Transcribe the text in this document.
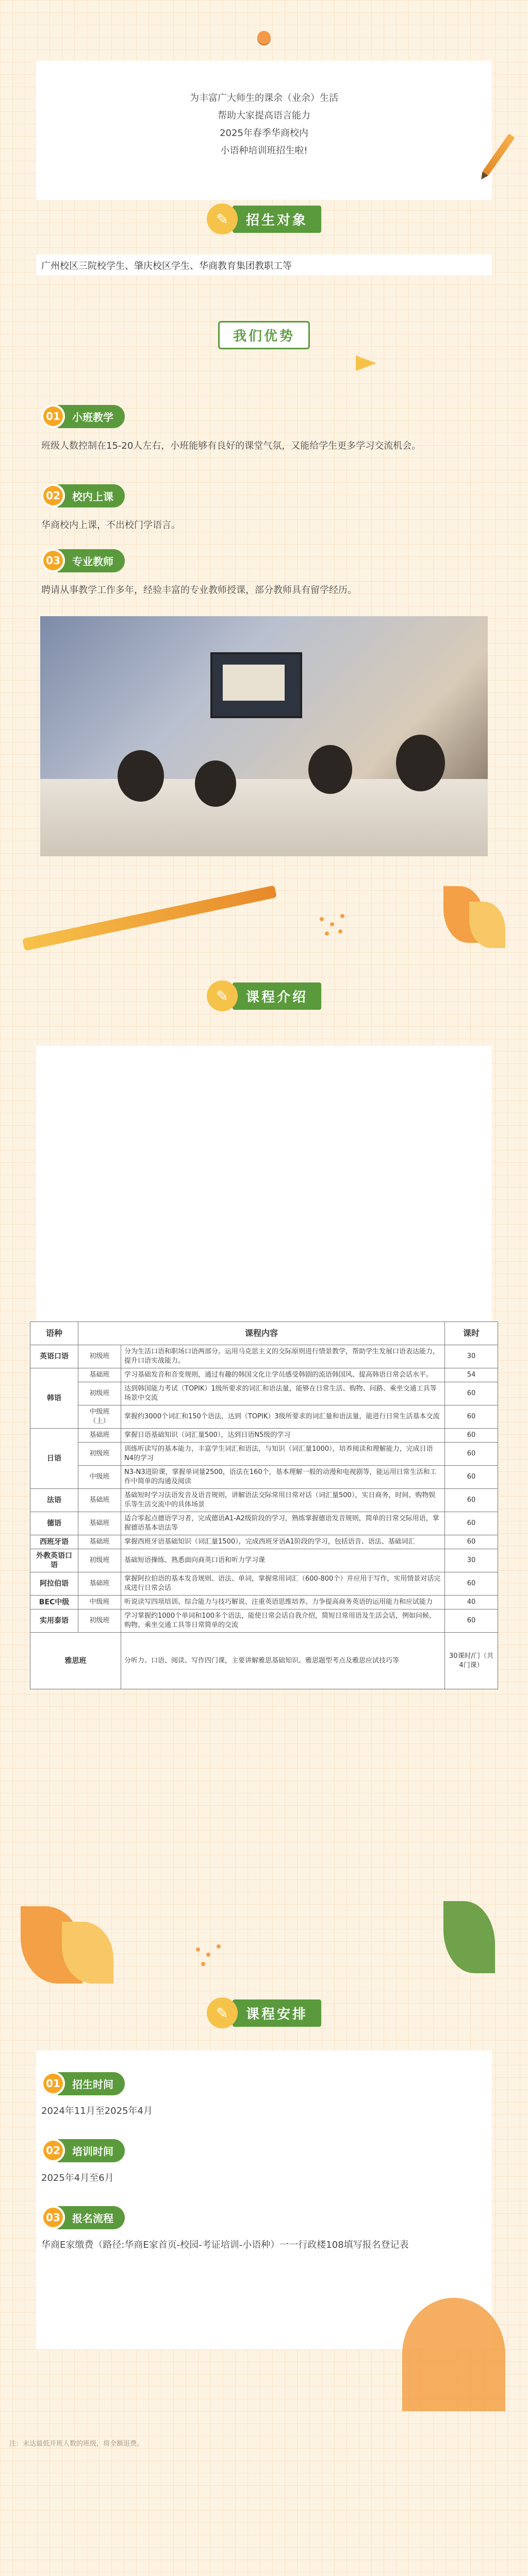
为丰富广大师生的课余（业余）生活
帮助大家提高语言能力
2025年春季华商校内
小语种培训班招生啦!
✎	招生对象
广州校区三院校学生、肇庆校区学生、华商教育集团教职工等
我们优势
01	小班教学
班级人数控制在15-20人左右，小班能够有良好的课堂气氛，又能给学生更多学习交流机会。
02	校内上课
华商校内上课，不出校门学语言。
03	专业教师
聘请从事教学工作多年，经验丰富的专业教师授课，部分教师具有留学经历。
✎	课程介绍
语种	课程内容		课时
英语口语	初级班	分为生活口语和职场口语两部分。运用马克思主义的交际原则进行情景教学，帮助学生发展口语表达能力，提升口语实战能力。	30
韩语	基础班	学习基础发音和音变规则，通过有趣的韩国文化让学员感受韩剧的流语韩国风、提高韩语日常会话水平。	54
	初级班	达到韩国能力考试（TOPIK）1级所要求的词汇和语法量，能够在日常生活、购物、问路、乘坐交通工具等场景中交流	60
	中级班（上）	掌握约3000个词汇和150个语法，达到（TOPIK）3级所要求的词汇量和语法量，能进行日常生活基本交流	60
日语	基础班	掌握日语基础知识（词汇量500），达到日语N5级的学习	60
	初级班	训练听读写的基本能力，丰富学生词汇和语法，与知识（词汇量1000），培养阅读和理解能力，完成日语N4的学习	60
	中级班	N3-N3进阶课，掌握单词量2500，语法在160个，基本理解一般的动漫和电视剧等，能运用日常生活和工作中简单的沟通及阅读	60
法语	基础班	基础短时学习法语发音及语音规则，讲解语法交际常用日常对话（词汇量500），实日商务，时间、购物娱乐等生活交流中的具体场景	60
德语	基础班	适合零起点德语学习者，完成德语A1-A2级阶段的学习，熟练掌握德语发音规则，简单的日常交际用语，掌握德语基本语法等	60
西班牙语	基础班	掌握西班牙语基础知识（词汇量1500），完成西班牙语A1阶段的学习，包括语音、语法、基础词汇	60
外教英语口语	初级班	基础短语操练、熟悉面向商英口语和听力学习课	30
阿拉伯语	基础班	掌握阿拉伯语的基本发音规则、语法、单词，掌握常用词汇（600-800个）并应用于写作，实用情景对话完成进行日常会话	60
BEC中级	中级班	听说读写四项培训、综合能力与技巧解说、注重英语思维培养、力争提高商务英语的运用能力和应试能力	40
实用泰语	初级班	学习掌握约1000个单词和100多个语法，能使日常会话自我介绍，简短日常用语及生活会话，例如问候、购物、乘坐交通工具等日常简单的交流	60
雅思班		分听力、口语、阅读、写作四门课，主要讲解雅思基础知识、雅思题型考点及雅思应试技巧等	30课时/门（共4门课）
✎	课程安排
01	招生时间
2024年11月至2025年4月
02	培训时间
2025年4月至6月
03	报名流程
华商E家缴费（路径:华商E家首页-校园-考证培训-小语种）一一行政楼108填写报名登记表
注：未达最低开班人数的班级，将全额退费。
